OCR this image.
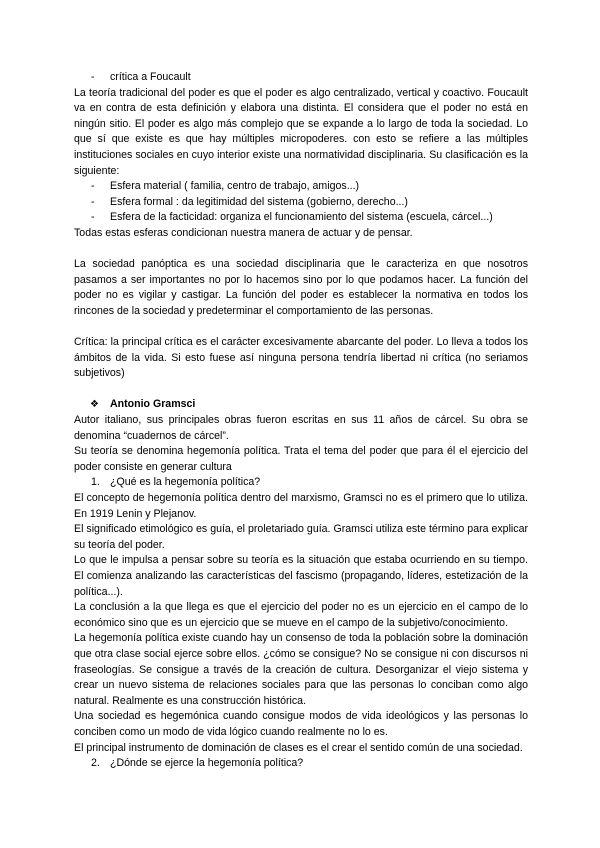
- crítica a Foucault

La teoría tradicional del poder es que el poder es algo centralizado, vertical y coactivo. Foucault va en contra de esta definición y elabora una distinta. El considera que el poder no está en ningún sitio. El poder es algo más complejo que se expande a lo largo de toda la sociedad. Lo que sí que existe es que hay múltiples micropoderes. con esto se refiere a las múltiples instituciones sociales en cuyo interior existe una normatividad disciplinaria. Su clasificación es la siguiente:

- Esfera material ( familia, centro de trabajo, amigos...)
- Esfera formal : da legitimidad del sistema (gobierno, derecho...)
- Esfera de la facticidad: organiza el funcionamiento del sistema (escuela, cárcel...)

Todas estas esferas condicionan nuestra manera de actuar y de pensar.

La sociedad panóptica es una sociedad disciplinaria que le caracteriza en que nosotros pasamos a ser importantes no por lo hacemos sino por lo que podamos hacer. La función del poder no es vigilar y castigar. La función del poder es establecer la normativa en todos los rincones de la sociedad y predeterminar el comportamiento de las personas.

Crítica: la principal crítica es el carácter excesivamente abarcante del poder. Lo lleva a todos los ámbitos de la vida. Si esto fuese así ninguna persona tendría libertad ni crítica (no seriamos subjetivos)

❖ Antonio Gramsci

Autor italiano, sus principales obras fueron escritas en sus 11 años de cárcel. Su obra se denomina “cuadernos de cárcel”.

Su teoría se denomina hegemonía política. Trata el tema del poder que para él el ejercicio del poder consiste en generar cultura

1. ¿Qué es la hegemonía política?

El concepto de hegemonía política dentro del marxismo, Gramsci no es el primero que lo utiliza. En 1919 Lenin y Plejanov.

El significado etimológico es guía, el proletariado guía. Gramsci utiliza este término para explicar su teoría del poder.

Lo que le impulsa a pensar sobre su teoría es la situación que estaba ocurriendo en su tiempo. El comienza analizando las características del fascismo (propagando, líderes, estetización de la política...).

La conclusión a la que llega es que el ejercicio del poder no es un ejercicio en el campo de lo económico sino que es un ejercicio que se mueve en el campo de la subjetivo/conocimiento.

La hegemonía política existe cuando hay un consenso de toda la población sobre la dominación que otra clase social ejerce sobre ellos. ¿cómo se consigue? No se consigue ni con discursos ni fraseologías. Se consigue a través de la creación de cultura. Desorganizar el viejo sistema y crear un nuevo sistema de relaciones sociales para que las personas lo conciban como algo natural. Realmente es una construcción histórica.

Una sociedad es hegemónica cuando consigue modos de vida ideológicos y las personas lo conciben como un modo de vida lógico cuando realmente no lo es.

El principal instrumento de dominación de clases es el crear el sentido común de una sociedad.

2. ¿Dónde se ejerce la hegemonía política?
